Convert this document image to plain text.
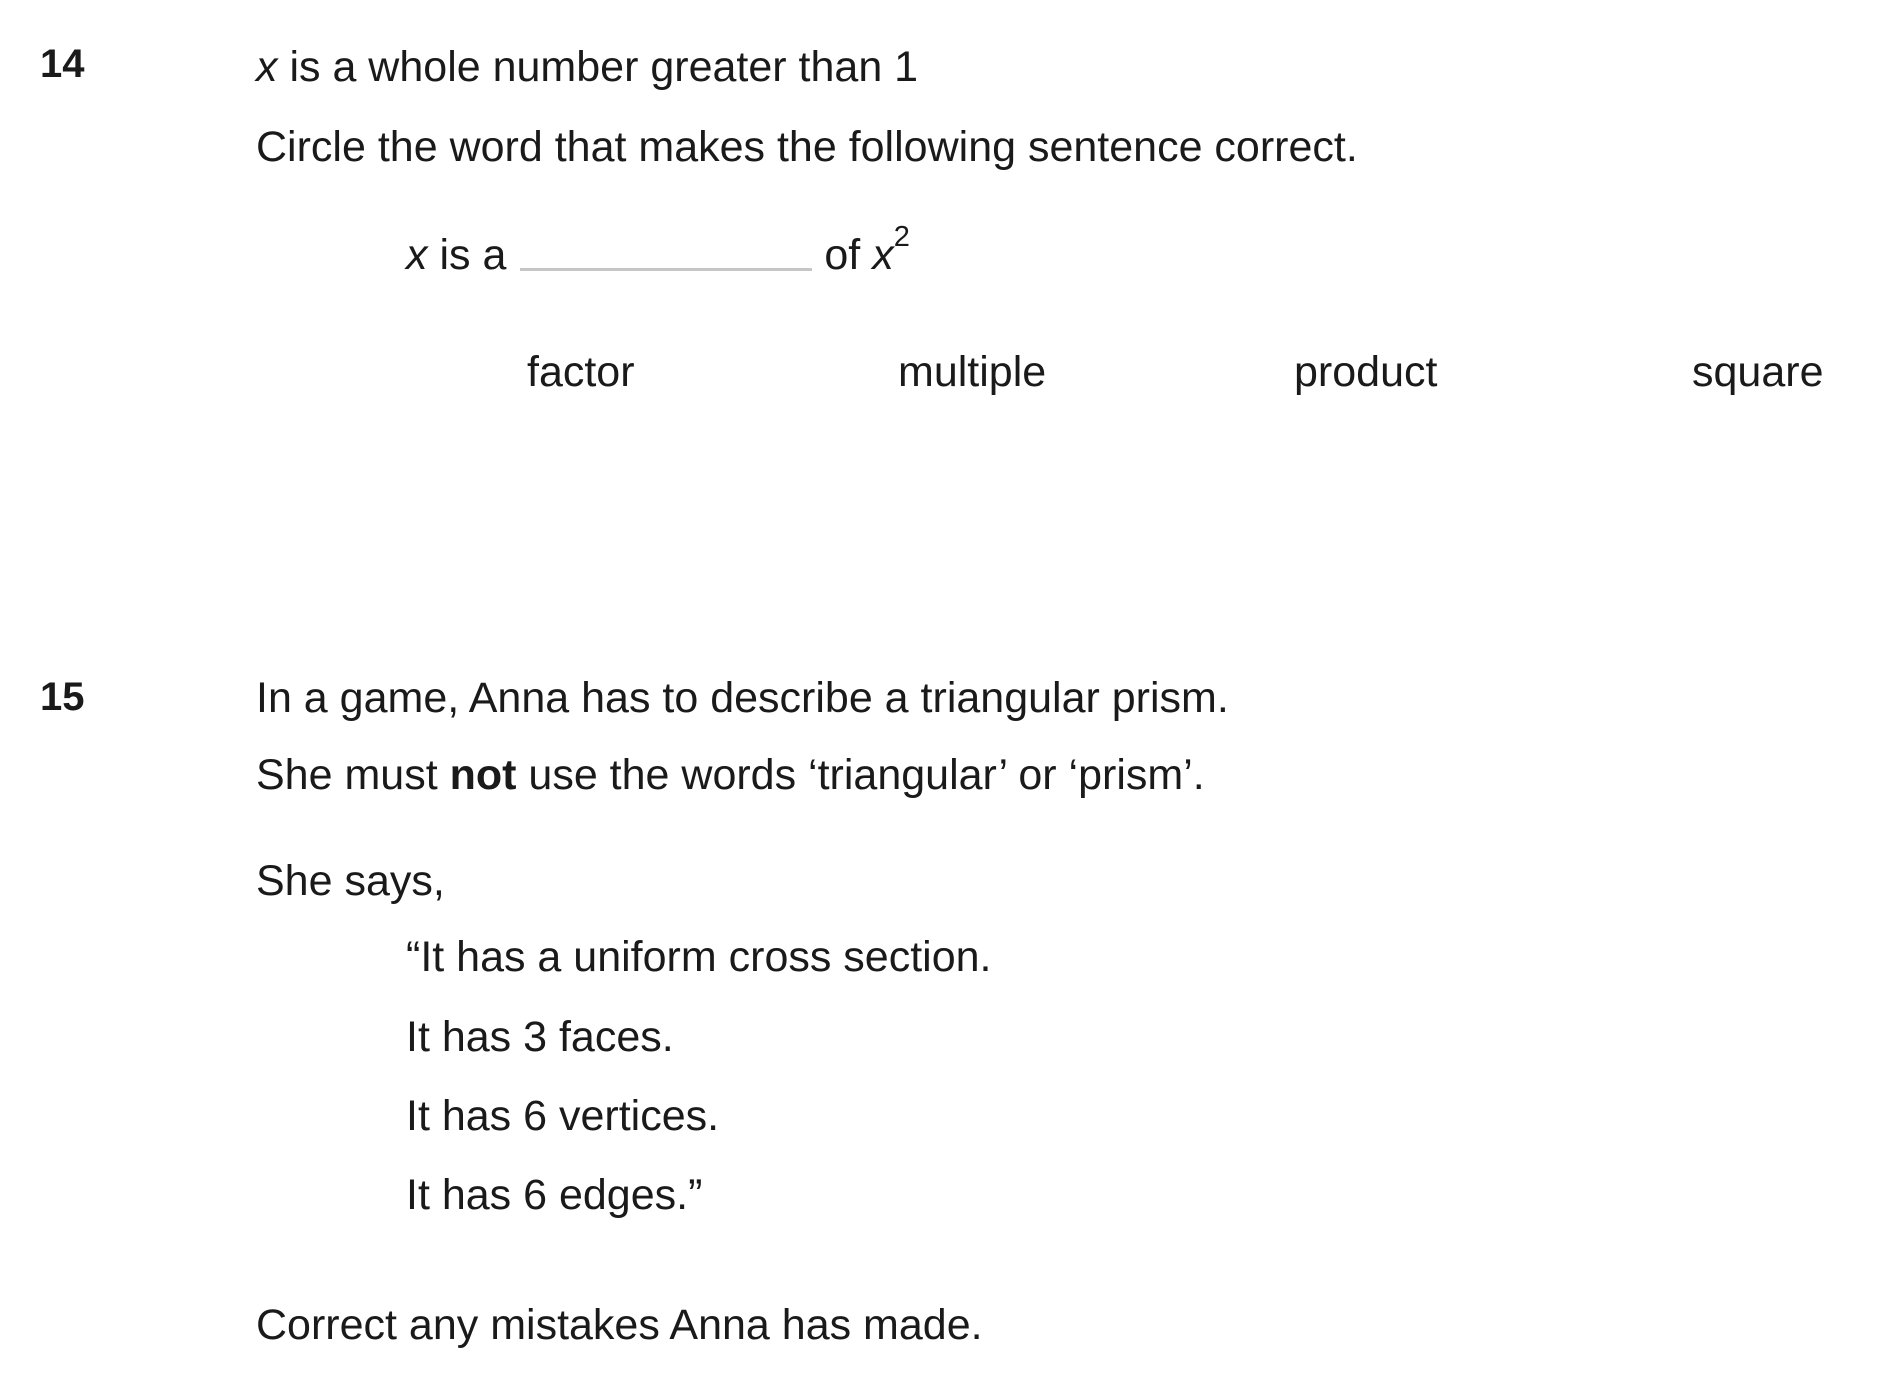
14	x is a whole number greater than 1
Circle the word that makes the following sentence correct.
x is a	of $x^2$
factor	multiple	product	square
15	In a game, Anna has to describe a triangular prism.
She must not use the words ‘triangular’ or ‘prism’.
She says,
“It has a uniform cross section.
It has 3 faces.
It has 6 vertices.
It has 6 edges.”
Correct any mistakes Anna has made.
